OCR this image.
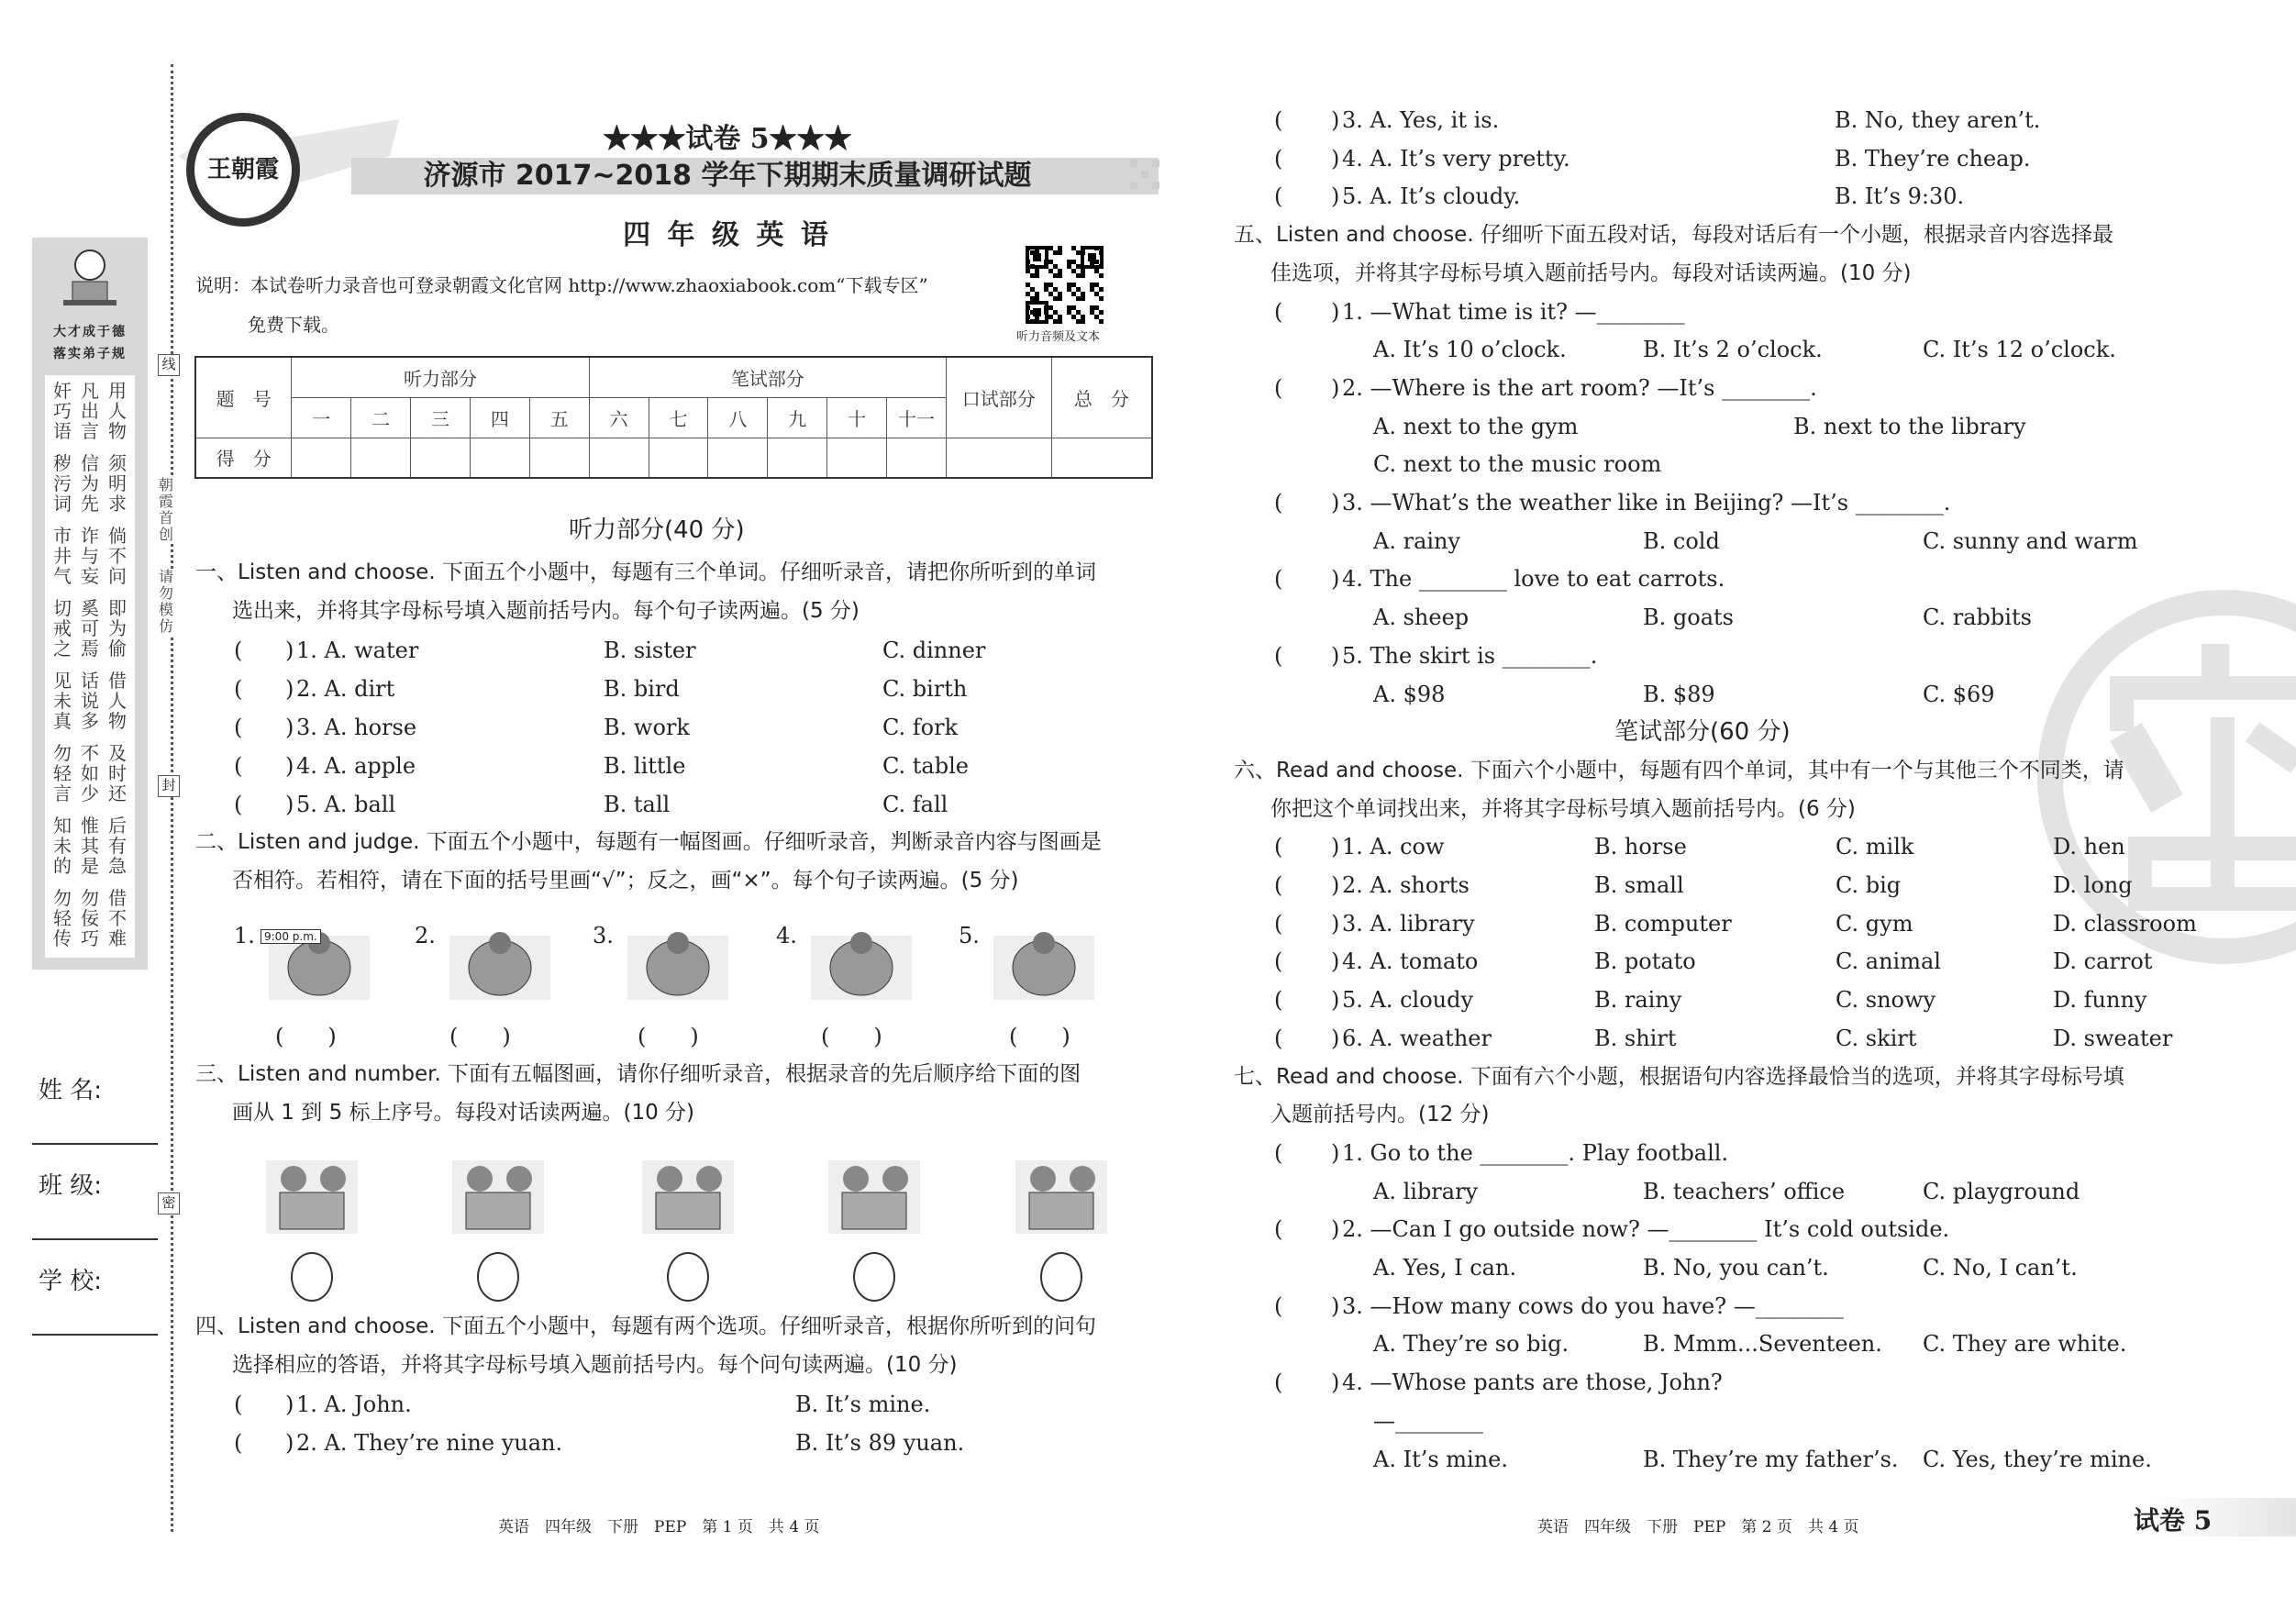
线
朝霞首创
请勿模仿
封
密
大才成于德
落实弟子规
奸巧语
凡出言
用人物
秽污词
信为先
须明求
市井气
诈与妄
倘不问
切戒之
奚可焉
即为偷
见未真
话说多
借人物
勿轻言
不如少
及时还
知未的
惟其是
后有急
勿轻传
勿佞巧
借不难
王朝霞
★★★试卷 5★★★
济源市 2017~2018 学年下期期末质量调研试题
四 年 级 英 语
说明：本试卷听力录音也可登录朝霞文化官网 http://www.zhaoxiabook.com“下载专区”
免费下载。
听力音频及文本
题　号	听力部分					笔试部分						口试部分	总　分
	一	二	三	四	五	六	七	八	九	十	十一		
得　分													
试卷 5
英语　四年级　下册　PEP　第 1 页　共 4 页	英语　四年级　下册　PEP　第 2 页　共 4 页
姓 名:
班 级:
学 校:
听力部分(40 分)
一、Listen and choose. 下面五个小题中，每题有三个单词。仔细听录音，请把你所听到的单词
选出来，并将其字母标号填入题前括号内。每个句子读两遍。(5 分)
)
( 1. A. water	B. sister	C. dinner
)
( 2. A. dirt	B. bird	C. birth
)
( 3. A. horse	B. work	C. fork
)
( 4. A. apple	B. little	C. table
)
( 5. A. ball	B. tall	C. fall
二、Listen and judge. 下面五个小题中，每题有一幅图画。仔细听录音，判断录音内容与图画是
否相符。若相符，请在下面的括号里画“√”；反之，画“×”。每个句子读两遍。(5 分)
1.
(　　)
2.
(　　)
3.
(　　)
4.
(　　)
5.
(　　)
9:00 p.m.
三、Listen and number. 下面有五幅图画，请你仔细听录音，根据录音的先后顺序给下面的图
画从 1 到 5 标上序号。每段对话读两遍。(10 分)
四、Listen and choose. 下面五个小题中，每题有两个选项。仔细听录音，根据你所听到的问句
选择相应的答语，并将其字母标号填入题前括号内。每个问句读两遍。(10 分)
)
( 1. A. John.	B. It’s mine.
)
( 2. A. They’re nine yuan.	B. It’s 89 yuan.
)
(	3. A. Yes, it is.	B. No, they aren’t.
)
(	4. A. It’s very pretty.	B. They’re cheap.
)
(	5. A. It’s cloudy.	B. It’s 9:30.
五、Listen and choose. 仔细听下面五段对话，每段对话后有一个小题，根据录音内容选择最
佳选项，并将其字母标号填入题前括号内。每段对话读两遍。(10 分)
)
(	1. —What time is it? —________
A. It’s 10 o’clock.	B. It’s 2 o’clock.	C. It’s 12 o’clock.
)
(	2. —Where is the art room? —It’s ________.
A. next to the gym	B. next to the library
C. next to the music room
)
(	3. —What’s the weather like in Beijing? —It’s ________.
A. rainy	B. cold	C. sunny and warm
)
(	4. The ________ love to eat carrots.
A. sheep	B. goats	C. rabbits
)
(	5. The skirt is ________.
A. $98	B. $89	C. $69
笔试部分(60 分)
六、Read and choose. 下面六个小题中，每题有四个单词，其中有一个与其他三个不同类，请
你把这个单词找出来，并将其字母标号填入题前括号内。(6 分)
)
(	1. A. cow	B. horse	C. milk	D. hen
)
(	2. A. shorts	B. small	C. big	D. long
)
(	3. A. library	B. computer	C. gym	D. classroom
)
(	4. A. tomato	B. potato	C. animal	D. carrot
)
(	5. A. cloudy	B. rainy	C. snowy	D. funny
)
(	6. A. weather	B. shirt	C. skirt	D. sweater
七、Read and choose. 下面有六个小题，根据语句内容选择最恰当的选项，并将其字母标号填
入题前括号内。(12 分)
)
(	1. Go to the ________. Play football.
A. library	B. teachers’ office	C. playground
)
(	2. —Can I go outside now? —________ It’s cold outside.
A. Yes, I can.	B. No, you can’t.	C. No, I can’t.
)
(	3. —How many cows do you have? —________
A. They’re so big.	B. Mmm...Seventeen. C. They are white.
)
(	4. —Whose pants are those, John?
—________
A. It’s mine.	B. They’re my father’s. C. Yes, they’re mine.
